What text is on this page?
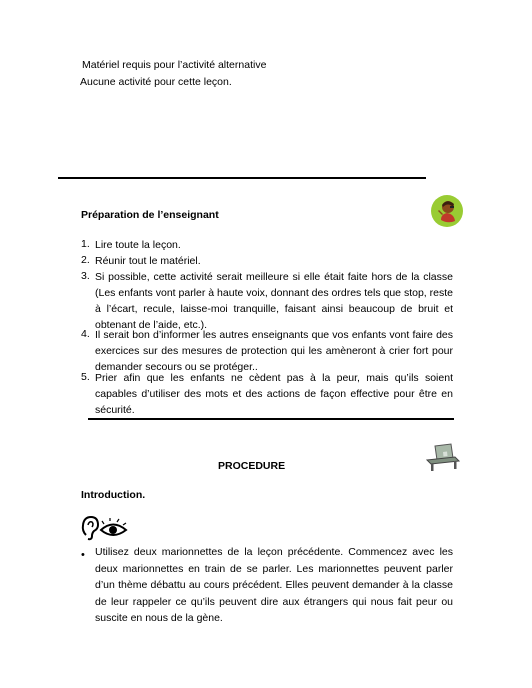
Matériel requis pour l’activité alternative
Aucune activité pour cette leçon.
Préparation de l’enseignant
1. Lire toute la leçon.
2. Réunir tout le matériel.
3. Si possible, cette activité serait meilleure si elle était faite hors de la classe (Les enfants vont parler à haute voix, donnant des ordres tels que stop, reste à l’écart, recule, laisse-moi tranquille, faisant ainsi beaucoup de bruit et obtenant de l’aide, etc.).
4. Il serait bon d’informer les autres enseignants que vos enfants vont faire des exercices sur des mesures de protection qui les amèneront à crier fort pour demander secours ou se protéger..
5. Prier afin que les enfants ne cèdent pas à la peur, mais qu’ils soient capables d’utiliser des mots et des actions de façon effective pour être en sécurité.
PROCEDURE
Introduction.
• Utilisez deux marionnettes de la leçon précédente. Commencez avec les deux marionnettes en train de se parler. Les marionnettes peuvent parler d’un thème débattu au cours précédent. Elles peuvent demander à la classe de leur rappeler ce qu’ils peuvent dire aux étrangers qui nous fait peur ou suscite en nous de la gène.
